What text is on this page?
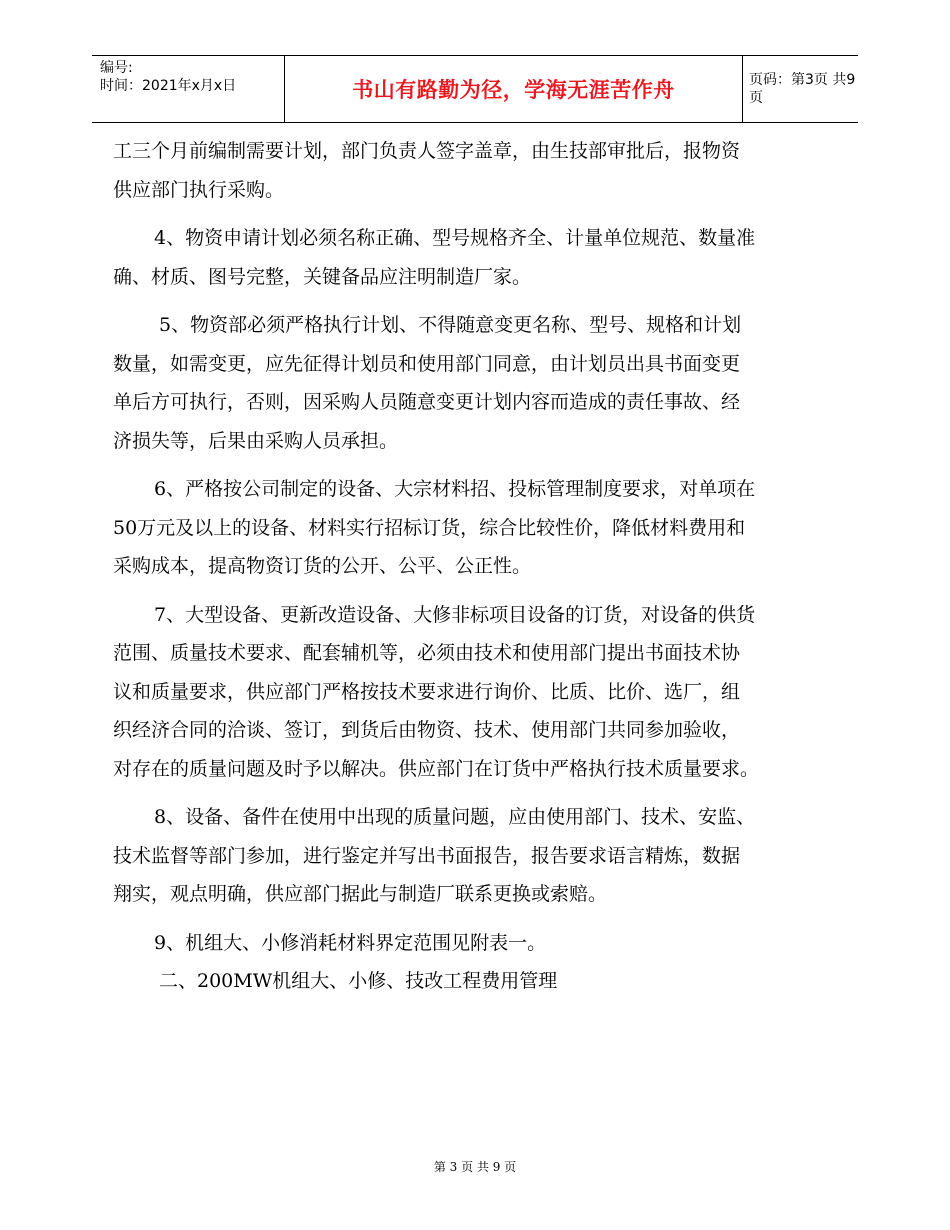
编号:
时间：2021年x月x日	书山有路勤为径，学海无涯苦作舟	页码：第3页 共9页

工三个月前编制需要计划，部门负责人签字盖章，由生技部审批后，报物资

供应部门执行采购。

4、物资申请计划必须名称正确、型号规格齐全、计量单位规范、数量准

确、材质、图号完整，关键备品应注明制造厂家。

5、物资部必须严格执行计划、不得随意变更名称、型号、规格和计划

数量，如需变更，应先征得计划员和使用部门同意，由计划员出具书面变更

单后方可执行，否则，因采购人员随意变更计划内容而造成的责任事故、经

济损失等，后果由采购人员承担。

6、严格按公司制定的设备、大宗材料招、投标管理制度要求，对单项在

50万元及以上的设备、材料实行招标订货，综合比较性价，降低材料费用和

采购成本，提高物资订货的公开、公平、公正性。

7、大型设备、更新改造设备、大修非标项目设备的订货，对设备的供货

范围、质量技术要求、配套辅机等，必须由技术和使用部门提出书面技术协

议和质量要求，供应部门严格按技术要求进行询价、比质、比价、选厂，组

织经济合同的洽谈、签订，到货后由物资、技术、使用部门共同参加验收，

对存在的质量问题及时予以解决。供应部门在订货中严格执行技术质量要求。

8、设备、备件在使用中出现的质量问题，应由使用部门、技术、安监、

技术监督等部门参加，进行鉴定并写出书面报告，报告要求语言精炼，数据

翔实，观点明确，供应部门据此与制造厂联系更换或索赔。

9、机组大、小修消耗材料界定范围见附表一。

二、200MW机组大、小修、技改工程费用管理

第 3 页 共 9 页
